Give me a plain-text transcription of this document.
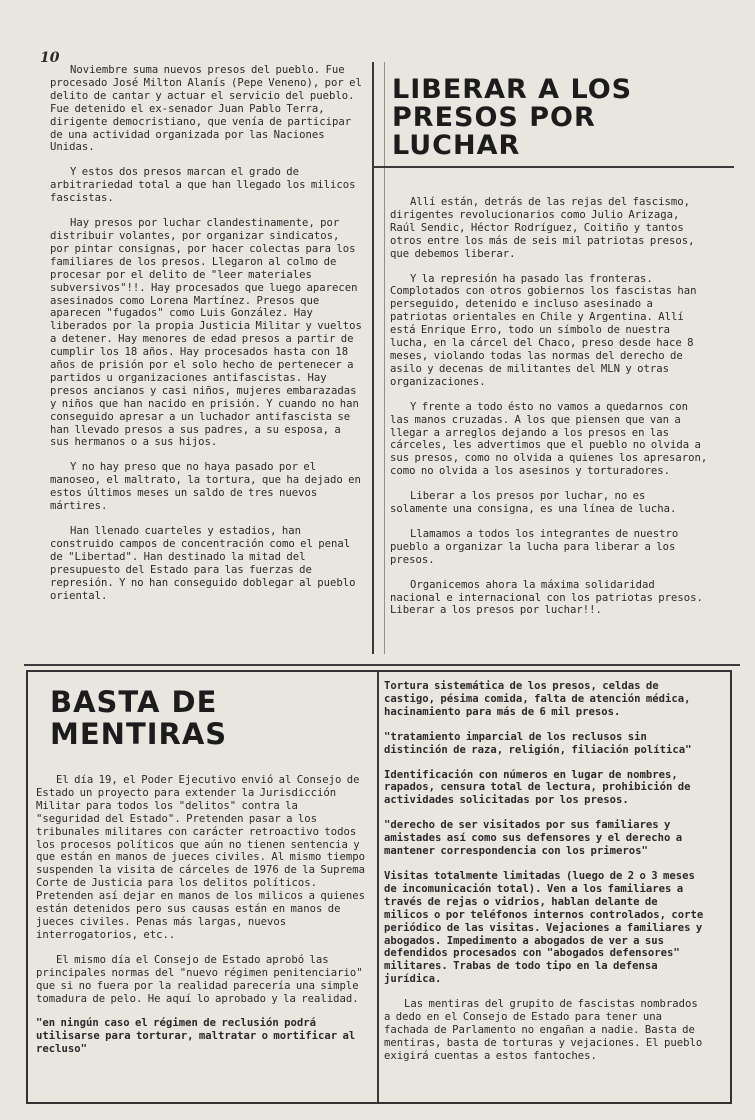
10

Noviembre suma nuevos presos del pueblo. Fue procesado José Milton Alanís (Pepe Veneno), por el delito de cantar y actuar el servicio del pueblo. Fue detenido el ex-senador Juan Pablo Terra, dirigente democristiano, que venía de participar de una actividad organizada por las Naciones Unidas.

Y estos dos presos marcan el grado de arbitrariedad total a que han llegado los milicos fascistas.

Hay presos por luchar clandestinamente, por distribuir volantes, por organizar sindicatos, por pintar consignas, por hacer colectas para los familiares de los presos. Llegaron al colmo de procesar por el delito de "leer materiales subversivos"!!. Hay procesados que luego aparecen asesinados como Lorena Martínez. Presos que aparecen "fugados" como Luis González. Hay liberados por la propia Justicia Militar y vueltos a detener. Hay menores de edad presos a partir de cumplir los 18 años. Hay procesados hasta con 18 años de prisión por el solo hecho de pertenecer a partidos u organizaciones antifascistas. Hay presos ancianos y casi niños, mujeres embarazadas y niños que han nacido en prisión. Y cuando no han conseguido apresar a un luchador antifascista se han llevado presos a sus padres, a su esposa, a sus hermanos o a sus hijos.

Y no hay preso que no haya pasado por el manoseo, el maltrato, la tortura, que ha dejado en estos últimos meses un saldo de tres nuevos mártires.

Han llenado cuarteles y estadios, han construido campos de concentración como el penal de "Libertad". Han destinado la mitad del presupuesto del Estado para las fuerzas de represión. Y no han conseguido doblegar al pueblo oriental.

LIBERAR A LOS
PRESOS POR
LUCHAR

Allí están, detrás de las rejas del fascismo, dirigentes revolucionarios como Julio Arizaga, Raúl Sendic, Héctor Rodríguez, Coitiño y tantos otros entre los más de seis mil patriotas presos, que debemos liberar.

Y la represión ha pasado las fronteras. Complotados con otros gobiernos los fascistas han perseguido, detenido e incluso asesinado a patriotas orientales en Chile y Argentina. Allí está Enrique Erro, todo un símbolo de nuestra lucha, en la cárcel del Chaco, preso desde hace 8 meses, violando todas las normas del derecho de asilo y decenas de militantes del MLN y otras organizaciones.

Y frente a todo ésto no vamos a quedarnos con las manos cruzadas. A los que piensen que van a llegar a arreglos dejando a los presos en las cárceles, les advertimos que el pueblo no olvida a sus presos, como no olvida a quienes los apresaron, como no olvida a los asesinos y torturadores.

Liberar a los presos por luchar, no es solamente una consigna, es una línea de lucha.

Llamamos a todos los integrantes de nuestro pueblo a organizar la lucha para liberar a los presos.

Organicemos ahora la máxima solidaridad nacional e internacional con los patriotas presos. Liberar a los presos por luchar!!.

BASTA DE
MENTIRAS

El día 19, el Poder Ejecutivo envió al Consejo de Estado un proyecto para extender la Jurisdicción Militar para todos los "delitos" contra la "seguridad del Estado". Pretenden pasar a los tribunales militares con carácter retroactivo todos los procesos políticos que aún no tienen sentencia y que están en manos de jueces civiles. Al mismo tiempo suspenden la visita de cárceles de 1976 de la Suprema Corte de Justicia para los delitos políticos. Pretenden así dejar en manos de los milicos a quienes están detenidos pero sus causas están en manos de jueces civiles. Penas más largas, nuevos interrogatorios, etc..

El mismo día el Consejo de Estado aprobó las principales normas del "nuevo régimen penitenciario" que si no fuera por la realidad parecería una simple tomadura de pelo. He aquí lo aprobado y la realidad.

"en ningún caso el régimen de reclusión podrá utilisarse para torturar, maltratar o mortificar al recluso"

Tortura sistemática de los presos, celdas de castigo, pésima comida, falta de atención médica, hacinamiento para más de 6 mil presos.

"tratamiento imparcial de los reclusos sin distinción de raza, religión, filiación política"

Identificación con números en lugar de nombres, rapados, censura total de lectura, prohibición de actividades solicitadas por los presos.

"derecho de ser visitados por sus familiares y amistades así como sus defensores y el derecho a mantener correspondencia con los primeros"

Visitas totalmente limitadas (luego de 2 o 3 meses de incomunicación total). Ven a los familiares a través de rejas o vidrios, hablan delante de milicos o por teléfonos internos controlados, corte periódico de las visitas. Vejaciones a familiares y abogados. Impedimento a abogados de ver a sus defendidos procesados con "abogados defensores" militares. Trabas de todo tipo en la defensa jurídica.

Las mentiras del grupito de fascistas nombrados a dedo en el Consejo de Estado para tener una fachada de Parlamento no engañan a nadie. Basta de mentiras, basta de torturas y vejaciones. El pueblo exigirá cuentas a estos fantoches.
